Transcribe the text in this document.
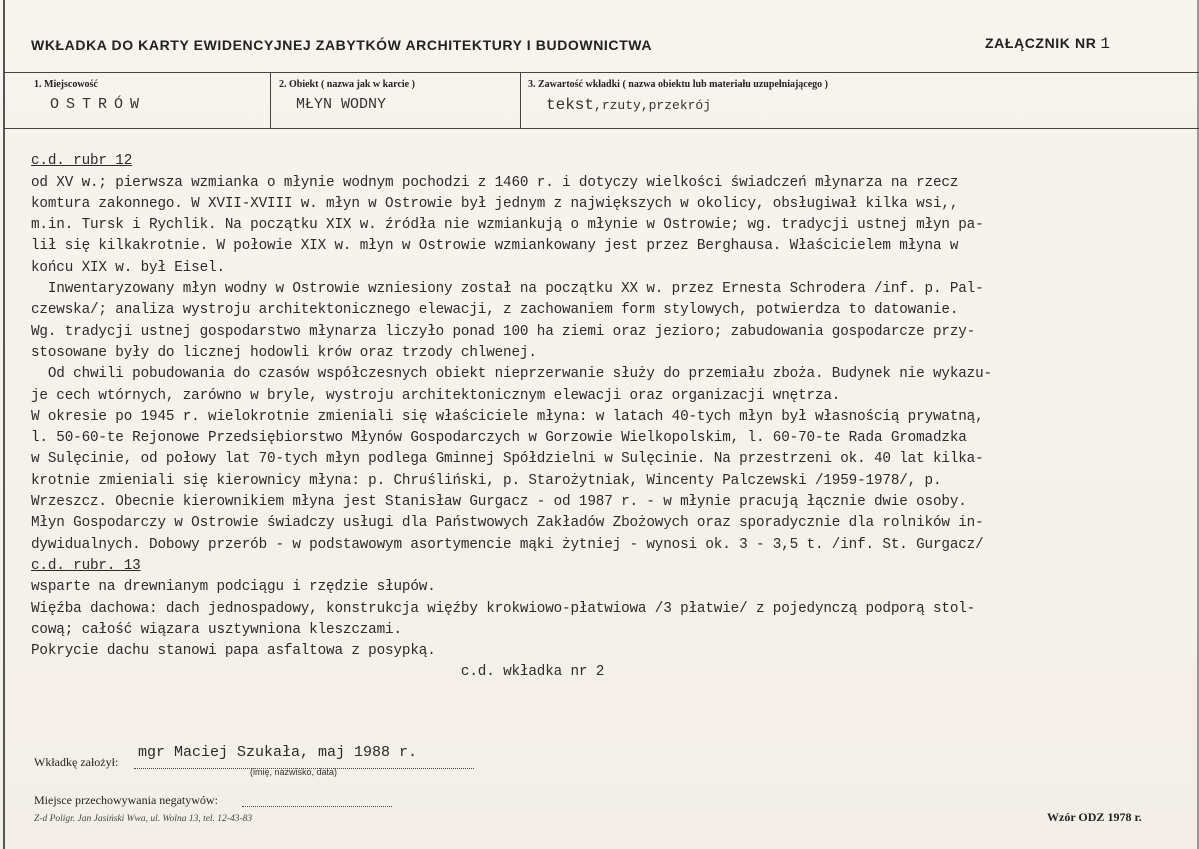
WKŁADKA DO KARTY EWIDENCYJNEJ ZABYTKÓW ARCHITEKTURY I BUDOWNICTWA	ZAŁĄCZNIK NR 1
1. Miejscowość
OSTRÓW
2. Obiekt ( nazwa jak w karcie )
MŁYN WODNY
3. Zawartość wkładki ( nazwa obiektu lub materiału uzupełniającego )
tekst,rzuty,przekrój

c.d. rubr 12
od XV w.; pierwsza wzmianka o młynie wodnym pochodzi z 1460 r. i dotyczy wielkości świadczeń młynarza na rzecz
komtura zakonnego. W XVII-XVIII w. młyn w Ostrowie był jednym z największych w okolicy, obsługiwał kilka wsi,,
m.in. Tursk i Rychlik. Na początku XIX w. źródła nie wzmiankują o młynie w Ostrowie; wg. tradycji ustnej młyn pa-
lił się kilkakrotnie. W połowie XIX w. młyn w Ostrowie wzmiankowany jest przez Berghausa. Właścicielem młyna w
końcu XIX w. był Eisel.
Inwentaryzowany młyn wodny w Ostrowie wzniesiony został na początku XX w. przez Ernesta Schrodera /inf. p. Pal-
czewska/; analiza wystroju architektonicznego elewacji, z zachowaniem form stylowych, potwierdza to datowanie.
Wg. tradycji ustnej gospodarstwo młynarza liczyło ponad 100 ha ziemi oraz jezioro; zabudowania gospodarcze przy-
stosowane były do licznej hodowli krów oraz trzody chlwenej.
Od chwili pobudowania do czasów współczesnych obiekt nieprzerwanie służy do przemiału zboża. Budynek nie wykazu-
je cech wtórnych, zarówno w bryle, wystroju architektonicznym elewacji oraz organizacji wnętrza.
W okresie po 1945 r. wielokrotnie zmieniali się właściciele młyna: w latach 40-tych młyn był własnością prywatną,
l. 50-60-te Rejonowe Przedsiębiorstwo Młynów Gospodarczych w Gorzowie Wielkopolskim, l. 60-70-te Rada Gromadzka
w Sulęcinie, od połowy lat 70-tych młyn podlega Gminnej Spółdzielni w Sulęcinie. Na przestrzeni ok. 40 lat kilka-
krotnie zmieniali się kierownicy młyna: p. Chruśliński, p. Starożytniak, Wincenty Palczewski /1959-1978/, p.
Wrzeszcz. Obecnie kierownikiem młyna jest Stanisław Gurgacz - od 1987 r. - w młynie pracują łącznie dwie osoby.
Młyn Gospodarczy w Ostrowie świadczy usługi dla Państwowych Zakładów Zbożowych oraz sporadycznie dla rolników in-
dywidualnych. Dobowy przerób - w podstawowym asortymencie mąki żytniej - wynosi ok. 3 - 3,5 t. /inf. St. Gurgacz/
c.d. rubr. 13
wsparte na drewnianym podciągu i rzędzie słupów.
Więźba dachowa: dach jednospadowy, konstrukcja więźby krokwiowo-płatwiowa /3 płatwie/ z pojedynczą podporą stol-
cową; całość wiązara usztywniona kleszczami.
Pokrycie dachu stanowi papa asfaltowa z posypką.
c.d. wkładka nr 2
Wkładkę założył:
mgr Maciej Szukała, maj 1988 r.
(imię, nazwisko, data)
Miejsce przechowywania negatywów:
Z-d Polígr. Jan Jasiński Wwa, ul. Wolna 13, tel. 12-43-83	Wzór ODZ 1978 r.
